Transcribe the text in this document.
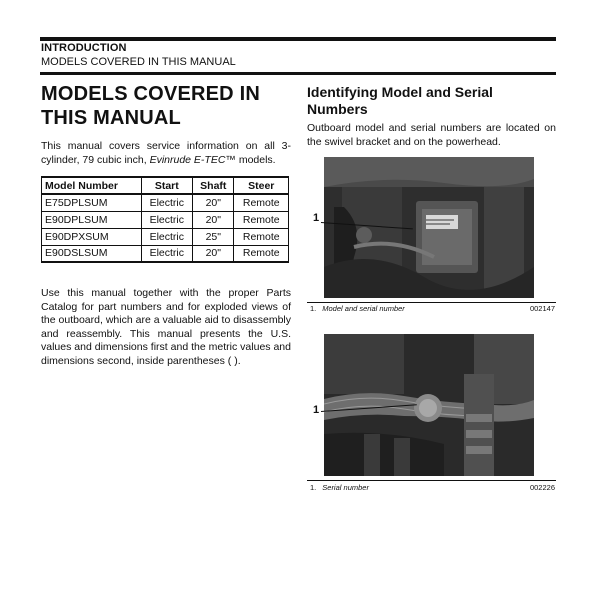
INTRODUCTION
MODELS COVERED IN THIS MANUAL
MODELS COVERED IN
THIS MANUAL

This manual covers service information on all 3-cylinder, 79 cubic inch, Evinrude E-TEC™ models.

Model Number	Start	Shaft	Steer
E75DPLSUM	Electric	20"	Remote
E90DPLSUM	Electric	20"	Remote
E90DPXSUM	Electric	25"	Remote
E90DSLSUM	Electric	20"	Remote

Use this manual together with the proper Parts Catalog for part numbers and for exploded views of the outboard, which are a valuable aid to disassembly and reassembly. This manual presents the U.S. values and dimensions first and the metric values and dimensions second, inside parentheses ( ).

Identifying Model and Serial Numbers

Outboard model and serial numbers are located on the swivel bracket and on the powerhead.

1
1. Model and serial number	002147
1
1. Serial number	002226
